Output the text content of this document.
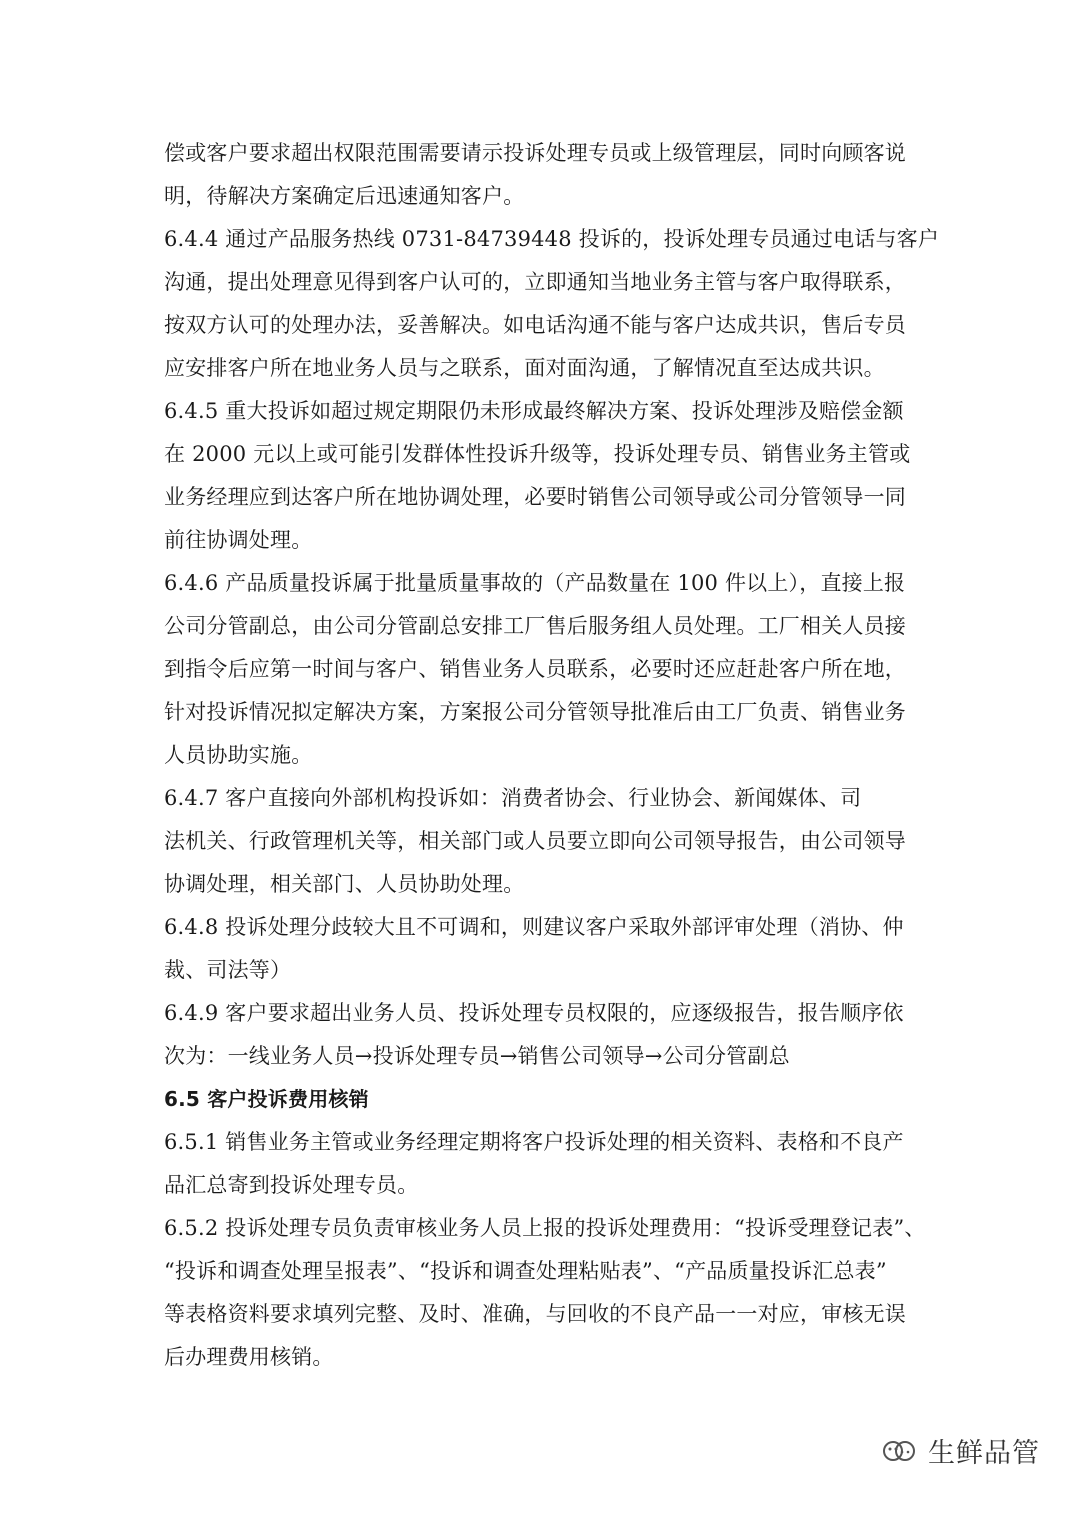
偿或客户要求超出权限范围需要请示投诉处理专员或上级管理层，同时向顾客说
明，待解决方案确定后迅速通知客户。
6.4.4 通过产品服务热线 0731-84739448 投诉的，投诉处理专员通过电话与客户
沟通，提出处理意见得到客户认可的，立即通知当地业务主管与客户取得联系，
按双方认可的处理办法，妥善解决。如电话沟通不能与客户达成共识，售后专员
应安排客户所在地业务人员与之联系，面对面沟通，了解情况直至达成共识。
6.4.5 重大投诉如超过规定期限仍未形成最终解决方案、投诉处理涉及赔偿金额
在 2000 元以上或可能引发群体性投诉升级等，投诉处理专员、销售业务主管或
业务经理应到达客户所在地协调处理，必要时销售公司领导或公司分管领导一同
前往协调处理。
6.4.6 产品质量投诉属于批量质量事故的（产品数量在 100 件以上），直接上报
公司分管副总，由公司分管副总安排工厂售后服务组人员处理。工厂相关人员接
到指令后应第一时间与客户、销售业务人员联系，必要时还应赶赴客户所在地，
针对投诉情况拟定解决方案，方案报公司分管领导批准后由工厂负责、销售业务
人员协助实施。
6.4.7 客户直接向外部机构投诉如：消费者协会、行业协会、新闻媒体、司
法机关、行政管理机关等，相关部门或人员要立即向公司领导报告，由公司领导
协调处理，相关部门、人员协助处理。
6.4.8 投诉处理分歧较大且不可调和，则建议客户采取外部评审处理（消协、仲
裁、司法等）
6.4.9 客户要求超出业务人员、投诉处理专员权限的，应逐级报告，报告顺序依
次为：一线业务人员→投诉处理专员→销售公司领导→公司分管副总
6.5 客户投诉费用核销
6.5.1 销售业务主管或业务经理定期将客户投诉处理的相关资料、表格和不良产
品汇总寄到投诉处理专员。
6.5.2 投诉处理专员负责审核业务人员上报的投诉处理费用：“投诉受理登记表”、
“投诉和调查处理呈报表”、“投诉和调查处理粘贴表”、“产品质量投诉汇总表”
等表格资料要求填列完整、及时、准确，与回收的不良产品一一对应，审核无误
后办理费用核销。
生鲜品管
